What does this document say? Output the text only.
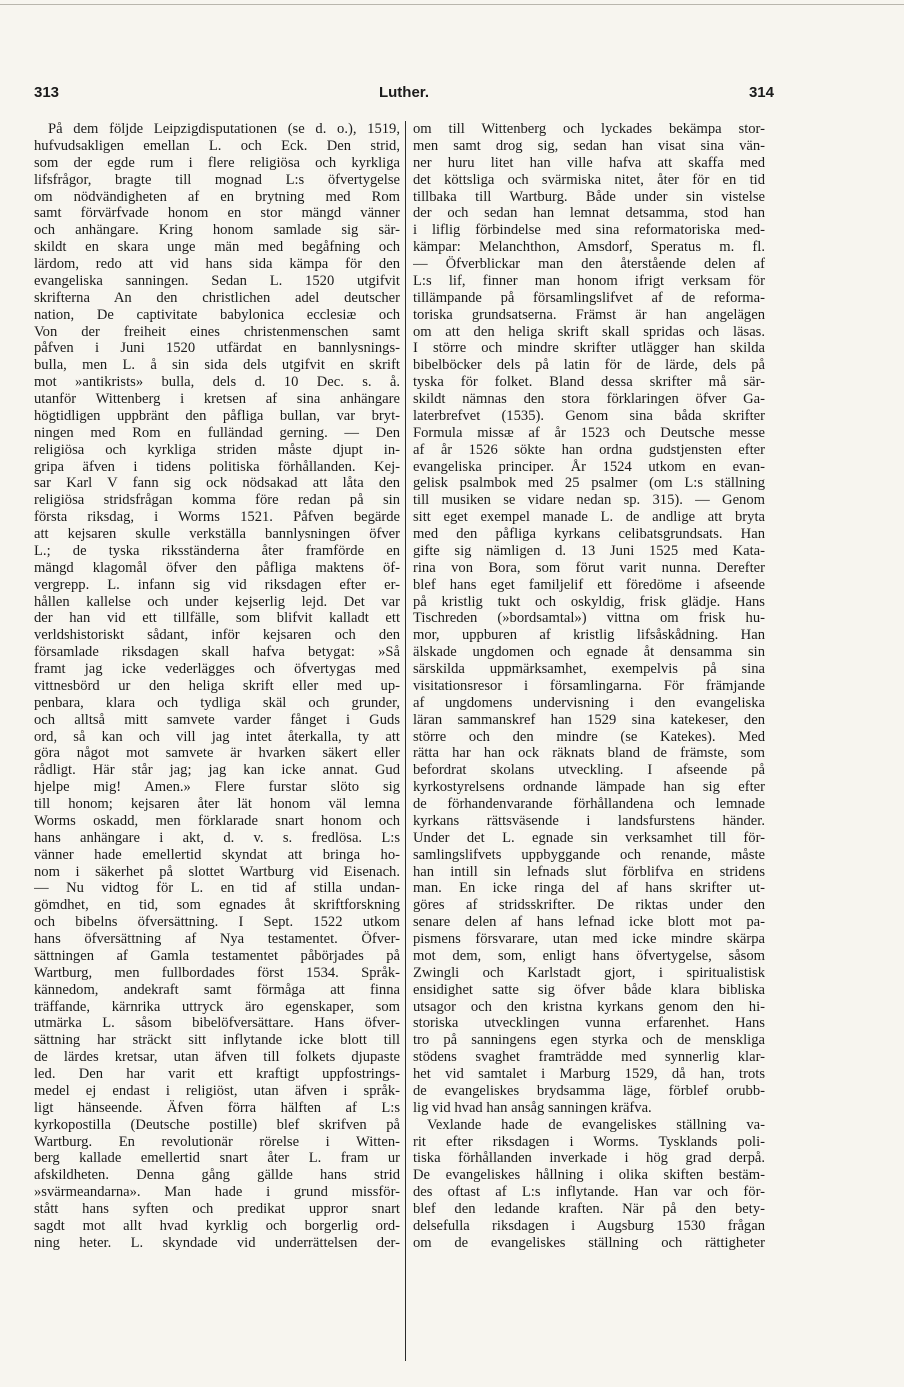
313	Luther.	314
På dem följde Leipzigdisputationen (se d. o.), 1519,
hufvudsakligen emellan L. och Eck. Den strid,
som der egde rum i flere religiösa och kyrkliga
lifsfrågor, bragte till mognad L:s öfvertygelse
om nödvändigheten af en brytning med Rom
samt förvärfvade honom en stor mängd vänner
och anhängare. Kring honom samlade sig sär-
skildt en skara unge män med begåfning och
lärdom, redo att vid hans sida kämpa för den
evangeliska sanningen. Sedan L. 1520 utgifvit
skrifterna An den christlichen adel deutscher
nation, De captivitate babylonica ecclesiæ och
Von der freiheit eines christenmenschen samt
påfven i Juni 1520 utfärdat en bannlysnings-
bulla, men L. å sin sida dels utgifvit en skrift
mot »antikrists» bulla, dels d. 10 Dec. s. å.
utanför Wittenberg i kretsen af sina anhängare
högtidligen uppbränt den påfliga bullan, var bryt-
ningen med Rom en fulländad gerning. — Den
religiösa och kyrkliga striden måste djupt in-
gripa äfven i tidens politiska förhållanden. Kej-
sar Karl V fann sig ock nödsakad att låta den
religiösa stridsfrågan komma före redan på sin
första riksdag, i Worms 1521. Påfven begärde
att kejsaren skulle verkställa bannlysningen öfver
L.; de tyska riksständerna åter framförde en
mängd klagomål öfver den påfliga maktens öf-
vergrepp. L. infann sig vid riksdagen efter er-
hållen kallelse och under kejserlig lejd. Det var
der han vid ett tillfälle, som blifvit kalladt ett
verldshistoriskt sådant, inför kejsaren och den
församlade riksdagen skall hafva betygat: »Så
framt jag icke vederlägges och öfvertygas med
vittnesbörd ur den heliga skrift eller med up-
penbara, klara och tydliga skäl och grunder,
och alltså mitt samvete varder fånget i Guds
ord, så kan och vill jag intet återkalla, ty att
göra något mot samvete är hvarken säkert eller
rådligt. Här står jag; jag kan icke annat. Gud
hjelpe mig! Amen.» Flere furstar slöto sig
till honom; kejsaren åter lät honom väl lemna
Worms oskadd, men förklarade snart honom och
hans anhängare i akt, d. v. s. fredlösa. L:s
vänner hade emellertid skyndat att bringa ho-
nom i säkerhet på slottet Wartburg vid Eisenach.
— Nu vidtog för L. en tid af stilla undan-
gömdhet, en tid, som egnades åt skriftforskning
och bibelns öfversättning. I Sept. 1522 utkom
hans öfversättning af Nya testamentet. Öfver-
sättningen af Gamla testamentet påbörjades på
Wartburg, men fullbordades först 1534. Språk-
kännedom, andekraft samt förmåga att finna
träffande, kärnrika uttryck äro egenskaper, som
utmärka L. såsom bibelöfversättare. Hans öfver-
sättning har sträckt sitt inflytande icke blott till
de lärdes kretsar, utan äfven till folkets djupaste
led. Den har varit ett kraftigt uppfostrings-
medel ej endast i religiöst, utan äfven i språk-
ligt hänseende. Äfven förra hälften af L:s
kyrkopostilla (Deutsche postille) blef skrifven på
Wartburg. En revolutionär rörelse i Witten-
berg kallade emellertid snart åter L. fram ur
afskildheten. Denna gång gällde hans strid
»svärmeandarna». Man hade i grund missför-
stått hans syften och predikat uppror snart
sagdt mot allt hvad kyrklig och borgerlig ord-
ning heter. L. skyndade vid underrättelsen der-
om till Wittenberg och lyckades bekämpa stor-
men samt drog sig, sedan han visat sina vän-
ner huru litet han ville hafva att skaffa med
det köttsliga och svärmiska nitet, åter för en tid
tillbaka till Wartburg. Både under sin vistelse
der och sedan han lemnat detsamma, stod han
i liflig förbindelse med sina reformatoriska med-
kämpar: Melanchthon, Amsdorf, Speratus m. fl.
— Öfverblickar man den återstående delen af
L:s lif, finner man honom ifrigt verksam för
tillämpande på församlingslifvet af de reforma-
toriska grundsatserna. Främst är han angelägen
om att den heliga skrift skall spridas och läsas.
I större och mindre skrifter utlägger han skilda
bibelböcker dels på latin för de lärde, dels på
tyska för folket. Bland dessa skrifter må sär-
skildt nämnas den stora förklaringen öfver Ga-
laterbrefvet (1535). Genom sina båda skrifter
Formula missæ af år 1523 och Deutsche messe
af år 1526 sökte han ordna gudstjensten efter
evangeliska principer. År 1524 utkom en evan-
gelisk psalmbok med 25 psalmer (om L:s ställning
till musiken se vidare nedan sp. 315). — Genom
sitt eget exempel manade L. de andlige att bryta
med den påfliga kyrkans celibatsgrundsats. Han
gifte sig nämligen d. 13 Juni 1525 med Kata-
rina von Bora, som förut varit nunna. Derefter
blef hans eget familjelif ett föredöme i afseende
på kristlig tukt och oskyldig, frisk glädje. Hans
Tischreden (»bordsamtal») vittna om frisk hu-
mor, uppburen af kristlig lifsåskådning. Han
älskade ungdomen och egnade åt densamma sin
särskilda uppmärksamhet, exempelvis på sina
visitationsresor i församlingarna. För främjande
af ungdomens undervisning i den evangeliska
läran sammanskref han 1529 sina katekeser, den
större och den mindre (se Katekes). Med
rätta har han ock räknats bland de främste, som
befordrat skolans utveckling. I afseende på
kyrkostyrelsens ordnande lämpade han sig efter
de förhandenvarande förhållandena och lemnade
kyrkans rättsväsende i landsfurstens händer.
Under det L. egnade sin verksamhet till för-
samlingslifvets uppbyggande och renande, måste
han intill sin lefnads slut förblifva en stridens
man. En icke ringa del af hans skrifter ut-
göres af stridsskrifter. De riktas under den
senare delen af hans lefnad icke blott mot pa-
pismens försvarare, utan med icke mindre skärpa
mot dem, som, enligt hans öfvertygelse, såsom
Zwingli och Karlstadt gjort, i spiritualistisk
ensidighet satte sig öfver både klara bibliska
utsagor och den kristna kyrkans genom den hi-
storiska utvecklingen vunna erfarenhet. Hans
tro på sanningens egen styrka och de menskliga
stödens svaghet framträdde med synnerlig klar-
het vid samtalet i Marburg 1529, då han, trots
de evangeliskes brydsamma läge, förblef orubb-
lig vid hvad han ansåg sanningen kräfva.
Vexlande hade de evangeliskes ställning va-
rit efter riksdagen i Worms. Tysklands poli-
tiska förhållanden inverkade i hög grad derpå.
De evangeliskes hållning i olika skiften bestäm-
des oftast af L:s inflytande. Han var och för-
blef den ledande kraften. När på den bety-
delsefulla riksdagen i Augsburg 1530 frågan
om de evangeliskes ställning och rättigheter
